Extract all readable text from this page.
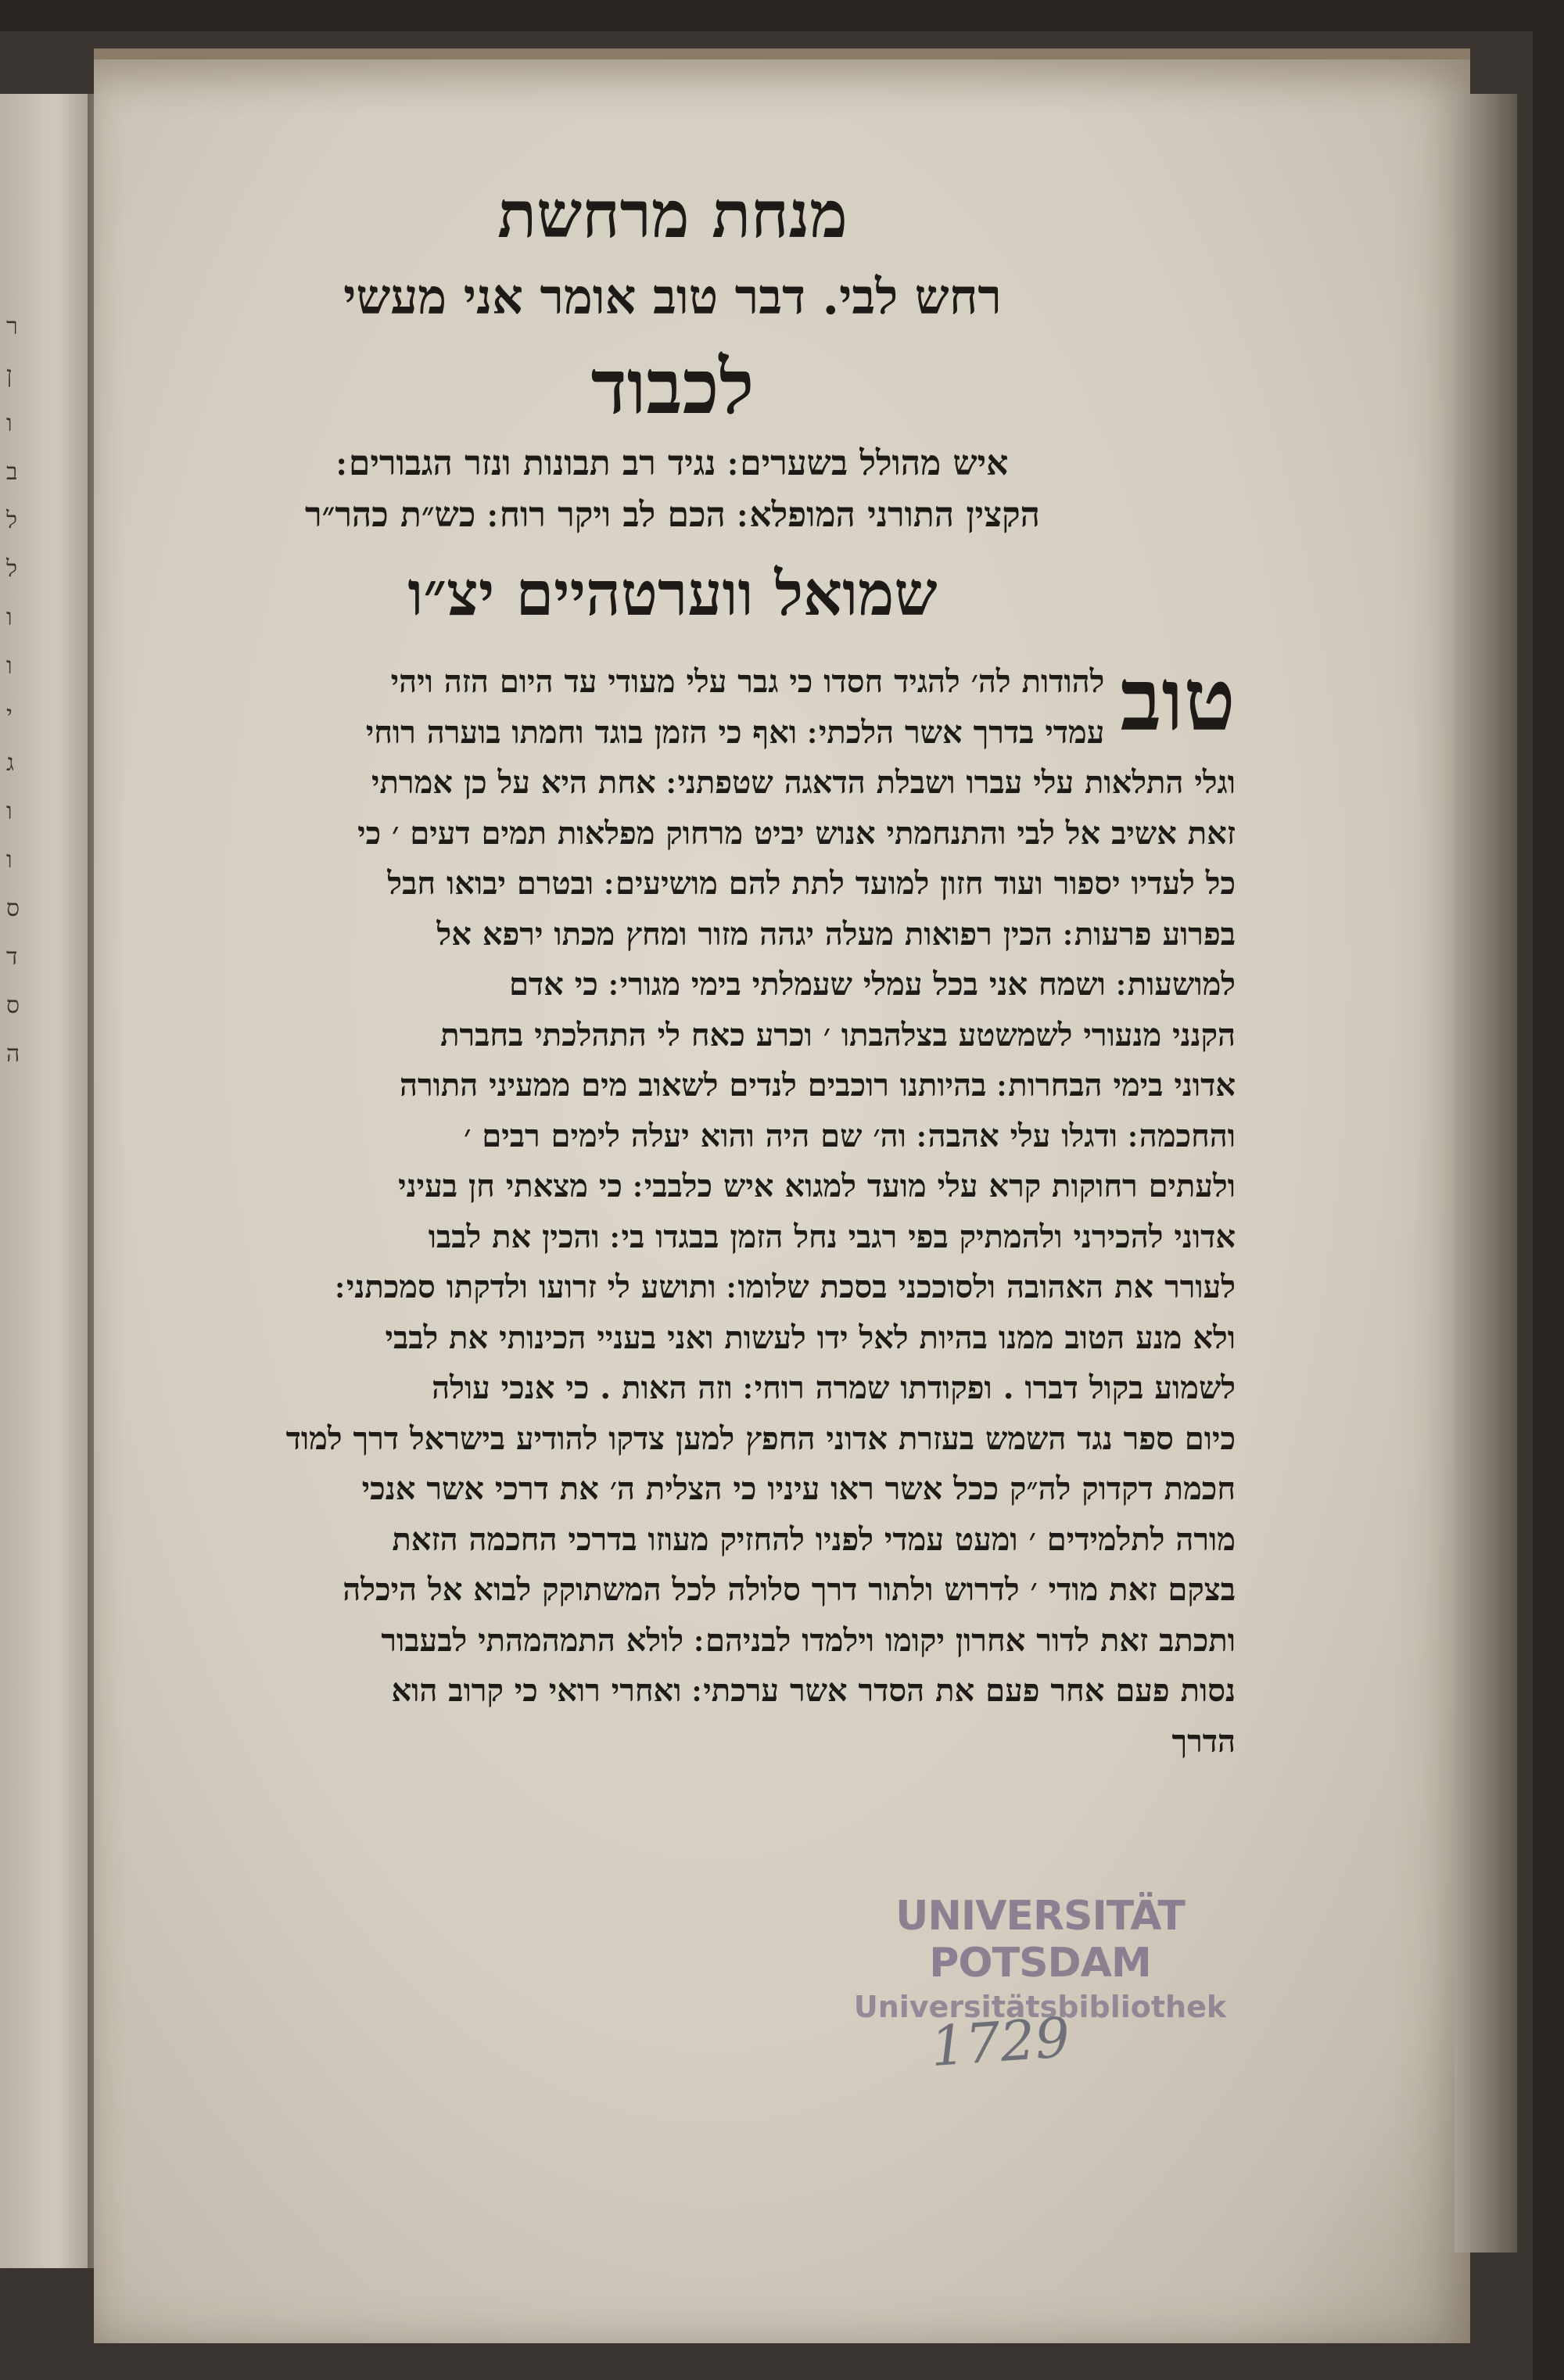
ר
ן
ו
ב
ל
ל
ו
ו
י
ג
ו
ו
ס
ד
ס
ה
מנחת מרחשת
רחש לבי. דבר טוב אומר אני מעשי
לכבוד
איש מהולל בשערים ׃ נגיד רב תבונות ונזר הגבורים ׃
הקצין התורני המופלא ׃ הכם לב ויקר רוח ׃ כש״ת כהר״ר
שמואל ווערטהיים יצ״ו
טוב
להודות לה׳ להגיד חסדו כי גבר עלי מעודי עד היום הזה ויהי
עמדי בדרך אשר הלכתי ׃ ואף כי הזמן בוגד וחמתו בוערה רוחי
וגלי התלאות עלי עברו ושבלת הדאגה שטפתני ׃ אחת היא על כן אמרתי
זאת אשיב אל לבי והתנחמתי אנוש יביט מרחוק מפלאות תמים דעים ׳ כי
כל לעדיו יספור ועוד חזון למועד לתת להם מושיעים ׃ ובטרם יבואו חבל
בפרוע פרעות ׃ הכין רפואות מעלה יגהה מזור ומחץ מכתו ירפא אל
למושעות ׃ ושמח אני בכל עמלי שעמלתי בימי מגורי ׃ כי אדם
הקנני מנעורי לשמשטע בצלהבתו ׳ וכרע כאח לי התהלכתי בחברת
אדוני בימי הבחרות ׃ בהיותנו רוכבים לנדים לשאוב מים ממעיני התורה
והחכמה ׃ ודגלו עלי אהבה ׃ וה׳ שם היה והוא יעלה לימים רבים ׳
ולעתים רחוקות קרא עלי מועד למגוא איש כלבבי ׃ כי מצאתי חן בעיני
אדוני להכירני ולהמתיק בפי רגבי נחל הזמן בבגדו בי ׃ והכין את לבבו
לעורר את האהובה ולסוככני בסכת שלומו ׃ ותושע לי זרועו ולדקתו סמכתני ׃
ולא מנע הטוב ממנו בהיות לאל ידו לעשות ואני בעניי הכינותי את לבבי
לשמוע בקול דברו . ופקודתו שמרה רוחי ׃ וזה האות . כי אנכי עולה
כיום ספר נגד השמש בעזרת אדוני החפץ למען צדקו להודיע בישראל דרך למוד
חכמת דקדוק לה״ק ככל אשר ראו עיניו כי הצלית ה׳ את דרכי אשר אנכי
מורה לתלמידים ׳ ומעט עמדי לפניו להחזיק מעוזו בדרכי החכמה הזאת
בצקם זאת מודי ׳ לדרוש ולתור דרך סלולה לכל המשתוקק לבוא אל היכלה
ותכתב זאת לדור אחרון יקומו וילמדו לבניהם ׃ לולא התמהמהתי לבעבור
נסות פעם אחר פעם את הסדר אשר ערכתי ׃ ואחרי רואי כי קרוב הוא
הדרך
UNIVERSITÄT POTSDAM
Universitätsbibliothek
1729
